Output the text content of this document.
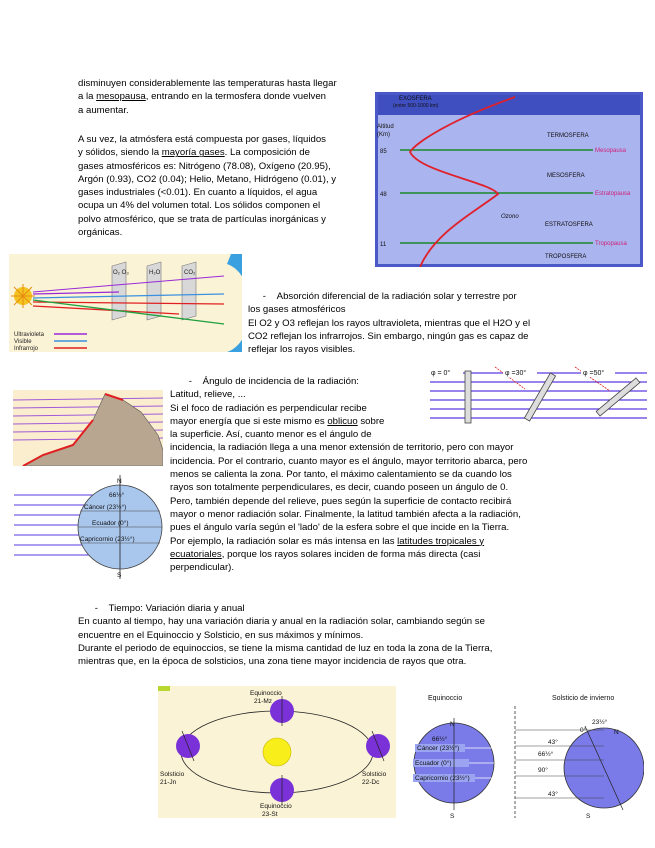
disminuyen considerablemente las temperaturas hasta llegar

a la mesopausa, entrando en la termosfera donde vuelven

a aumentar.

A su vez, la atmósfera está compuesta por gases, líquidos

y sólidos, siendo la mayoría gases. La composición de

gases atmosféricos es: Nitrógeno (78.08), Oxígeno (20.95),

Argón (0.93), CO2 (0.04); Helio, Metano, Hidrógeno (0.01), y

gases industriales (<0.01). En cuanto a líquidos, el agua

ocupa un 4% del volumen total. Los sólidos componen el

polvo atmosférico, que se trata de partículas inorgánicas y

orgánicas.

EXOSFERA
(entre 500-1000 km)
Altitud
(Km)
85
48
11
TERMOSFERA
MESOSFERA
ESTRATOSFERA
TROPOSFERA
Ozono
Mesopausa
Estratopausa
Tropopausa
O₂ O₃	H₂O	CO₂
Ultravioleta
Visible
Infrarrojo

- Absorción diferencial de la radiación solar y terrestre por

los gases atmosféricos

El O2 y O3 reflejan los rayos ultravioleta, mientras que el H2O y el

CO2 reflejan los infrarrojos. Sin embargo, ningún gas es capaz de

reflejar los rayos visibles.

φ = 0°	φ =30°	φ =50°

- Ángulo de incidencia de la radiación:

Latitud, relieve, ...

Si el foco de radiación es perpendicular recibe

mayor energía que si este mismo es oblicuo sobre

la superficie. Así, cuanto menor es el ángulo de

incidencia, la radiación llega a una menor extensión de territorio, pero con mayor

incidencia. Por el contrario, cuanto mayor es el ángulo, mayor territorio abarca, pero

menos se calienta la zona. Por tanto, el máximo calentamiento se da cuando los

rayos son totalmente perpendiculares, es decir, cuando poseen un ángulo de 0.

Pero, también depende del relieve, pues según la superficie de contacto recibirá

mayor o menor radiación solar. Finalmente, la latitud también afecta a la radiación,

pues el ángulo varía según el 'lado' de la esfera sobre el que incide en la Tierra.

Por ejemplo, la radiación solar es más intensa en las latitudes tropicales y

ecuatoriales, porque los rayos solares inciden de forma más directa (casi

perpendicular).

N
S
66½°
Cáncer (23½°)
Ecuador (0°)
Capricornio (23½°)

- Tiempo: Variación diaria y anual

En cuanto al tiempo, hay una variación diaria y anual en la radiación solar, cambiando según se

encuentre en el Equinoccio y Solsticio, en sus máximos y mínimos.

Durante el periodo de equinoccios, se tiene la misma cantidad de luz en toda la zona de la Tierra,

mientras que, en la época de solsticios, una zona tiene mayor incidencia de rayos que otra.

Equinoccio
21-Mz
Solsticio
21-Jn
Solsticio
22-Dc
Equinoccio
23-St
Equinoccio	Solsticio de invierno
N
S
66½°
Cáncer (23½°)
Ecuador (0°)
Capricornio (23½°)
0°
23½°
43°
66½°
90°
43°
N
S
